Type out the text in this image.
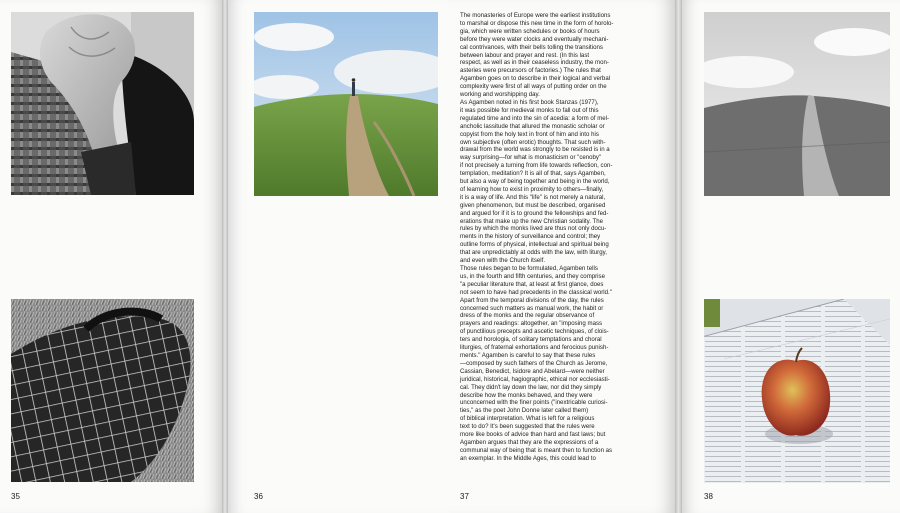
35	36	37

The monasteries of Europe were the earliest institutions
to marshal or dispose this new time in the form of horolo-
gia, which were written schedules or books of hours
before they were water clocks and eventually mechani-
cal contrivances, with their bells tolling the transitions
between labour and prayer and rest. (In this last
respect, as well as in their ceaseless industry, the mon-
asteries were precursors of factories.) The rules that
Agamben goes on to describe in their logical and verbal
complexity were first of all ways of putting order on the
working and worshipping day.
As Agamben noted in his first book Stanzas (1977),
it was possible for medieval monks to fall out of this
regulated time and into the sin of acedia: a form of mel-
ancholic lassitude that allured the monastic scholar or
copyist from the holy text in front of him and into his
own subjective (often erotic) thoughts. That such with-
drawal from the world was strongly to be resisted is in a
way surprising—for what is monasticism or "cenoby"
if not precisely a turning from life towards reflection, con-
templation, meditation? It is all of that, says Agamben,
but also a way of being together and being in the world,
of learning how to exist in proximity to others—finally,
it is a way of life. And this "life" is not merely a natural,
given phenomenon, but must be described, organised
and argued for if it is to ground the fellowships and fed-
erations that make up the new Christian sodality. The
rules by which the monks lived are thus not only docu-
ments in the history of surveillance and control; they
outline forms of physical, intellectual and spiritual being
that are unpredictably at odds with the law, with liturgy,
and even with the Church itself.
Those rules began to be formulated, Agamben tells
us, in the fourth and fifth centuries, and they comprise
"a peculiar literature that, at least at first glance, does
not seem to have had precedents in the classical world."
Apart from the temporal divisions of the day, the rules
concerned such matters as manual work, the habit or
dress of the monks and the regular observance of
prayers and readings: altogether, an "imposing mass
of punctilious precepts and ascetic techniques, of clois-
ters and horologia, of solitary temptations and choral
liturgies, of fraternal exhortations and ferocious punish-
ments." Agamben is careful to say that these rules
—composed by such fathers of the Church as Jerome,
Cassian, Benedict, Isidore and Abelard—were neither
juridical, historical, hagiographic, ethical nor ecclesiasti-
cal. They didn't lay down the law, nor did they simply
describe how the monks behaved, and they were
unconcerned with the finer points ("inextricable curiosi-
ties," as the poet John Donne later called them)
of biblical interpretation. What is left for a religious
text to do? It's been suggested that the rules were
more like books of advice than hard and fast laws; but
Agamben argues that they are the expressions of a
communal way of being that is meant then to function as
an exemplar. In the Middle Ages, this could lead to

38
